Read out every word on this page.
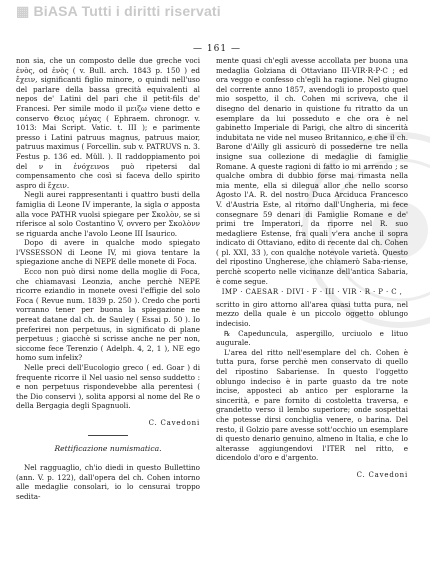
▦ BiASA Tutti i diritti riservati
— 161 —

non sia, che un composto delle due greche voci ἐνὸς, od ἐνὸς ( v. Bull. arch. 1843 p. 150 ) ed ἔχειν, significanti figlio minore, o quindi nell'uso del parlare della bassa grecità equivalenti al nepos de' Latini del pari che il petit-fils de' Francesi. Per simile modo il μειζω viene detto e conservo Θειος μέγας ( Ephraem. chronogr. v. 1013: Mai Script. Vatic. t. III ); e parimente presso i Latini patruus magnus, patruus maior, patruus maximus ( Forcellin. sub v. PATRUVS n. 3. Festus p. 136 ed. Müll. ). Il raddoppiamento poi del ν in ἐνόχεινos può ripetersi dal compensamento che così si faceva dello spirito aspro di ἔχειν.

Negli aurei rappresentanti i quattro busti della famiglia di Leone IV imperante, la sigla σ apposta alla voce PATHR vuolsi spiegare per Σκολὸν, se si riferisce al solo Costantino V, ovvero per Σκολὸνν se riguarda anche l'avolo Leone III Isaurico.

Dopo di avere in qualche modo spiegato l'VSSESSON di Leone IV, mi giova tentare la spiegazione anche di NEPE delle monete di Foca.

Ecco non può dirsi nome della moglie di Foca, che chiamavasi Leonzia, anche perchè NEPE ricorre eziandio in monete ovesi l'effigie del solo Foca ( Revue num. 1839 p. 250 ). Credo che porti vorranno tener per buona la spiegazione ne pereat datane dal ch. de Sauley ( Essai p. 50 ). Io preferirei non perpetuus, in significato di plane perpetuus ; giacchè si scrisse anche ne per non, siccome fece Terenzio ( Adelph. 4, 2, 1 ), NE ego homo sum infelix?

Nelle preci dell'Eucologio greco ( ed. Goar ) di frequente ricorre il Nel uasio nel senso suddetto : e non perpetuus rispondevebbe alla perentesi ( the Dio conservi ), solita apporsi al nome del Re o della Bergagia degli Spagnuoli.

C. Cavedoni
Rettificazione numismatica.

Nel ragguaglio, ch'io diedi in questo Bullettino (ann. V. p. 122), dall'opera del ch. Cohen intorno alle medaglie consolari, io lo censurai troppo sedita-

mente quasi ch'egli avesse accollata per buona una medaglia Golziana di Ottaviano III·VIR·R·P·C ; ed ora veggo e confesso ch'egli ha ragione. Nel giugno del corrente anno 1857, avendogli io proposto quel mio sospetto, il ch. Cohen mi scriveva, che il disegno del denario in quistione fu ritratto da un esemplare da lui posseduto e che ora è nel gabinetto Imperiale di Parigi, che altro di sincerità indubitata ne vide nel museo Britannico, e che il ch. Barone d'Ailly gli assicurò di possederne tre nella insigne sua collezione di medaglie di famiglie Romane. A queste ragioni di fatto io mi arrendo ; se qualche ombra di dubbio forse mai rimasta nella mia mente, ella si dilegua allor che nello scorso Agosto l'A. R. del nostro Duca Arciduca Francesco V. d'Austria Este, al ritorno dall'Ungheria, mi fece consegnare 59 denari di Famiglie Romane e de' primi tre Imperatori, da riporre nel R. suo medagliere Estense, fra quali v'era anche il sopra indicato di Ottaviano, edito di recente dal ch. Cohen ( pl. XXI, 33 ), con qualche notevole varietà. Questo del ripostino Ungherese, che chiamerò Saba-riense, perchè scoperto nelle vicinanze dell'antica Sabaria, è come segue.

IMP · CAESAR · DIVI · F · III · VIR · R · P · C ,

scritto in giro attorno all'area quasi tutta pura, nel mezzo della quale è un piccolo oggetto oblungo indecisio.

℞ Capeduncula, aspergillo, urciuolo e lituo augurale.

L'area del ritto nell'esemplare del ch. Cohen è tutta pura, forse perchè men conservato di quello del ripostino Sabariense. In questo l'oggetto oblungo indeciso è in parte guasto da tre note incise, apposteci ab antico per esplorarne la sincerità, e pare fornito di costoletta traversa, e grandetto verso il lembo superiore; onde sospettai che potesse dirsi conchiglia venere, o barina. Del resto, il Golzio pare avesse sott'occhio un esemplare di questo denario genuino, almeno in Italia, e che lo alterasse aggiungendovi l'ITER nel ritto, e dicendolo d'oro e d'argento.

C. Cavedoni
